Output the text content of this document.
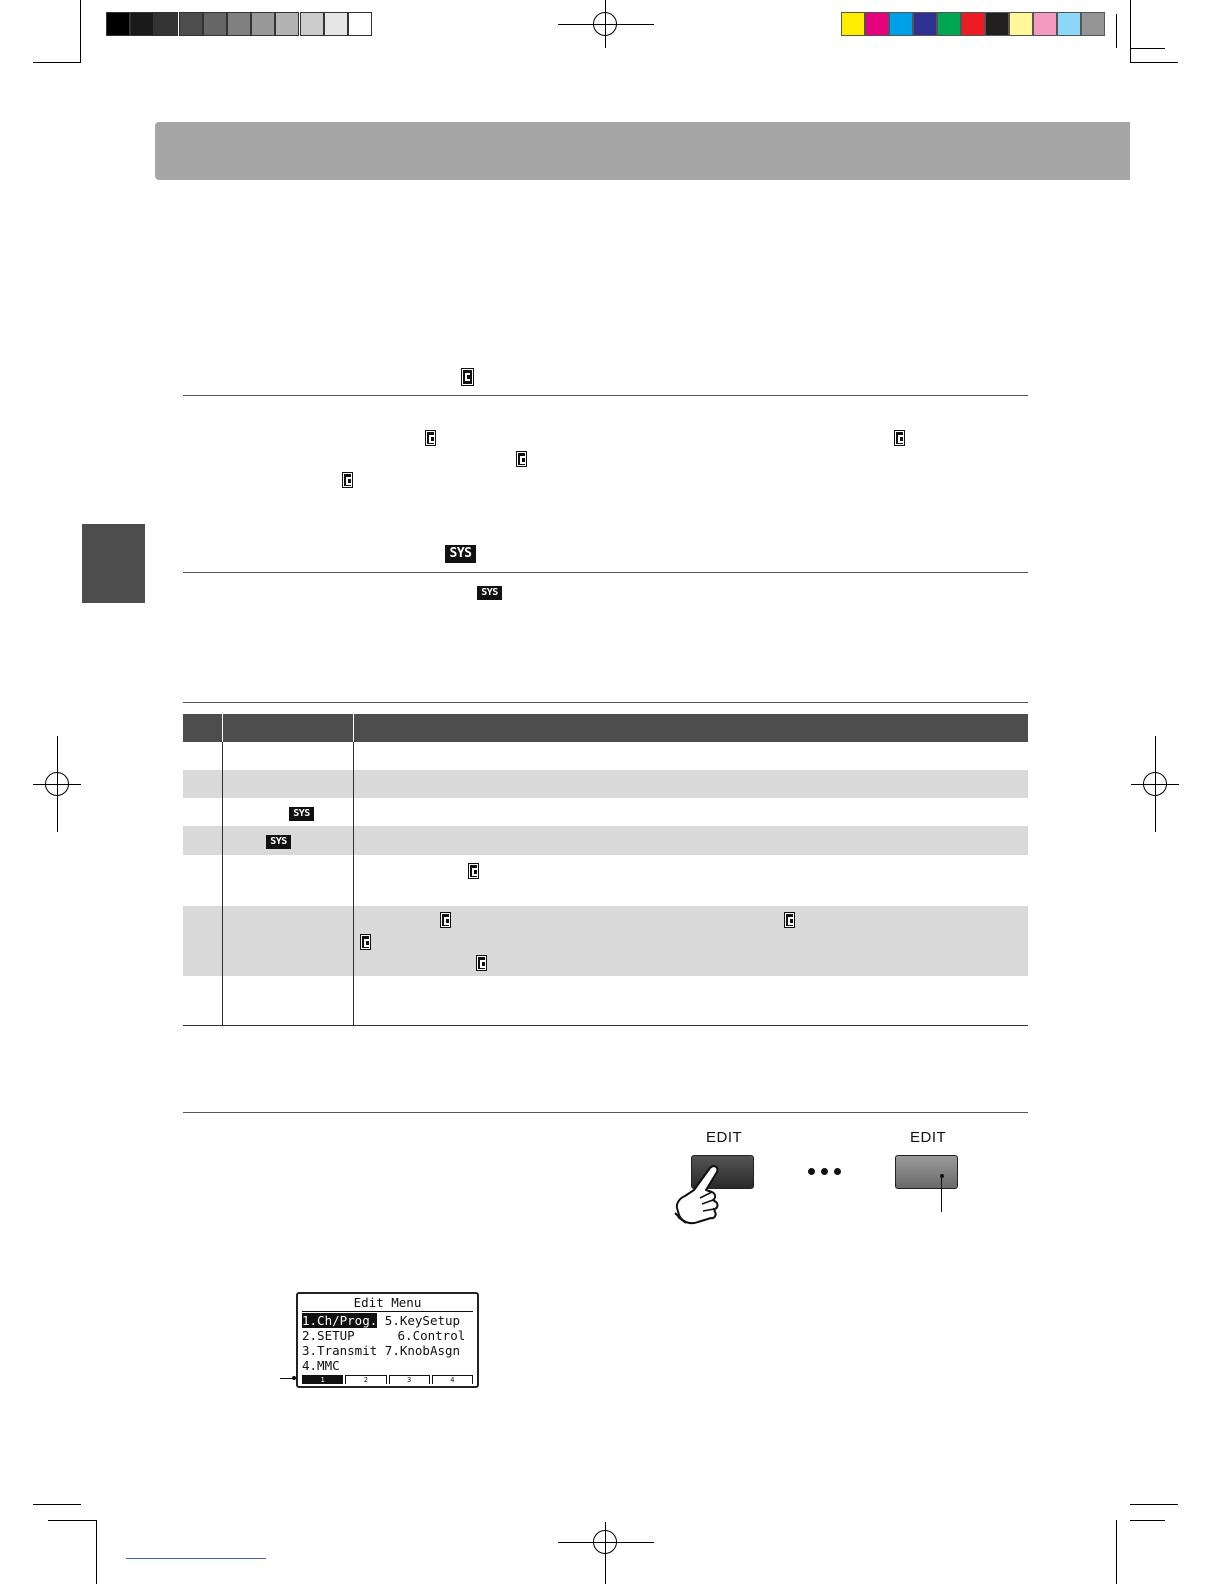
SYS
SYS
SYS
SYS
EDIT	EDIT
Edit Menu
1.Ch/Prog. 5.KeySetup
2.SETUP	6.Control
3.Transmit 7.KnobAsgn
4.MMC
1	2	3	4
